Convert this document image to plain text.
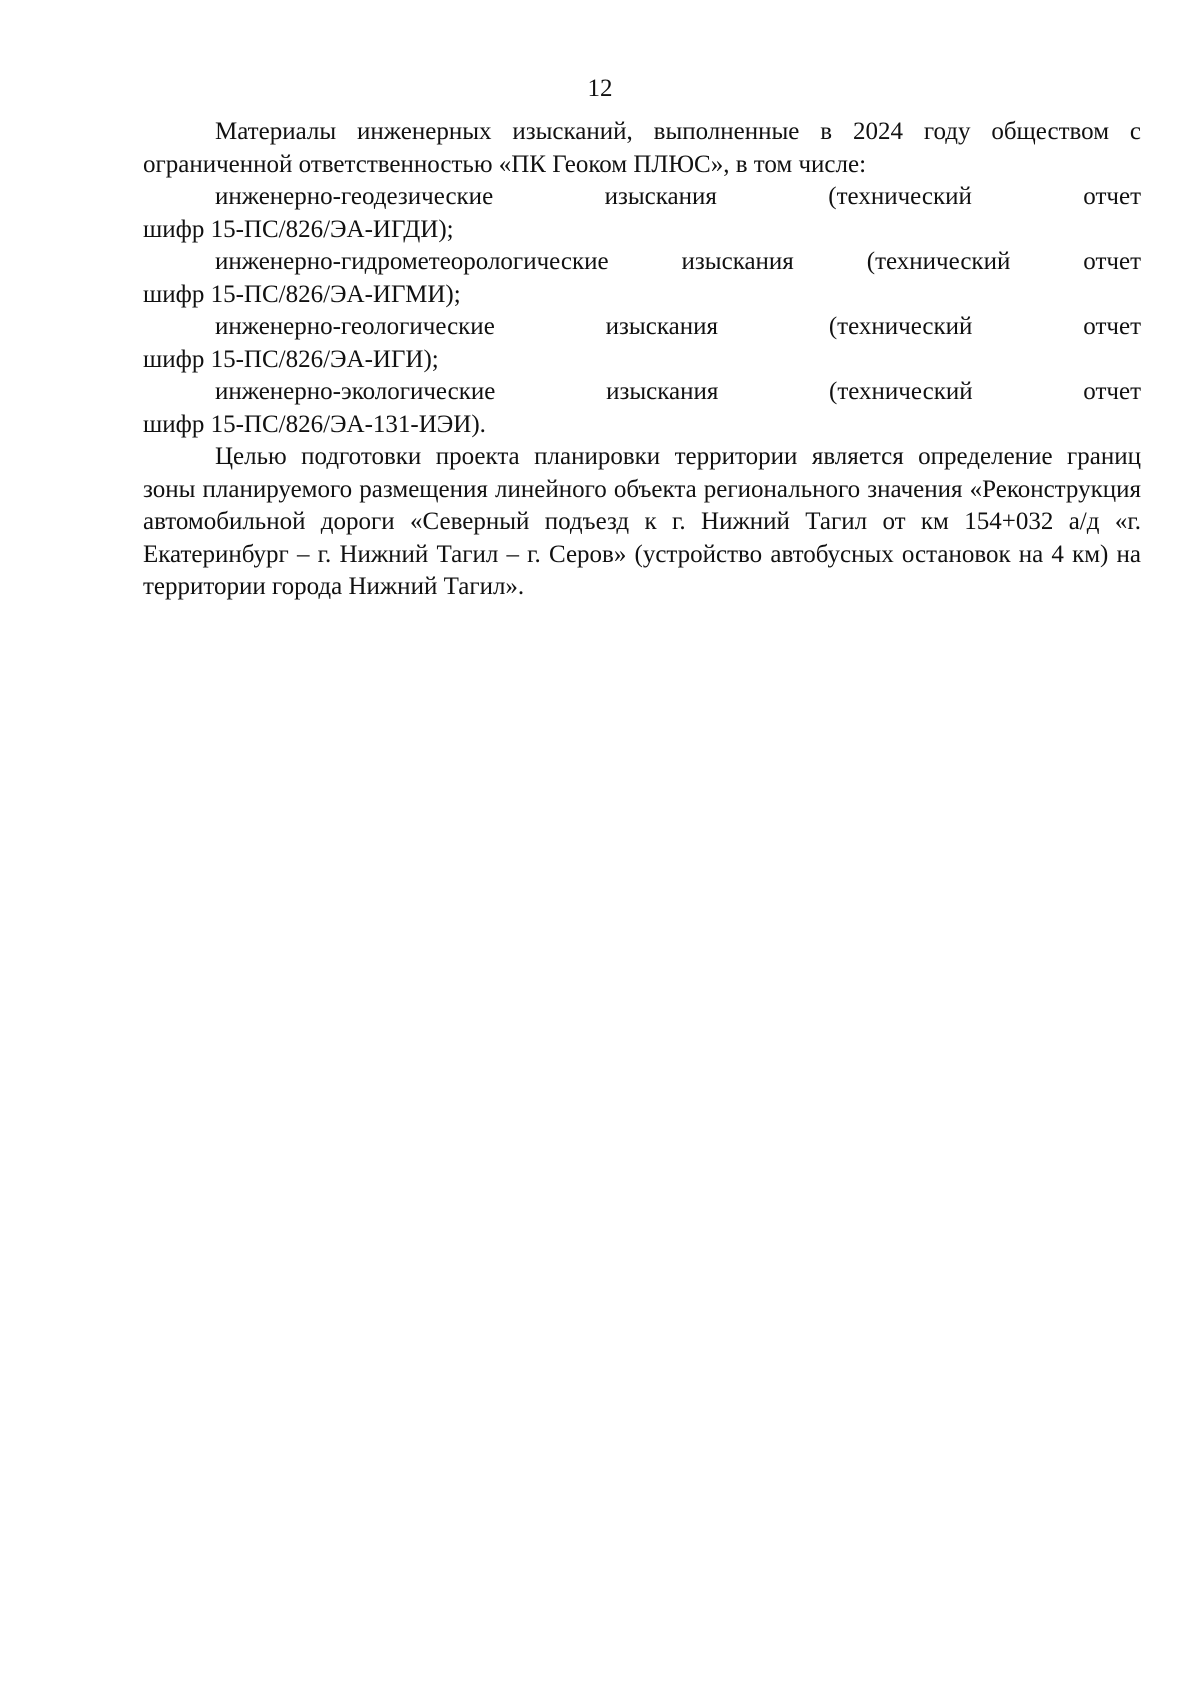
12

Материалы инженерных изысканий, выполненные в 2024 году обществом с ограниченной ответственностью «ПК Геоком ПЛЮС», в том числе:

инженерно-геодезические изыскания (технический отчет
шифр 15-ПС/826/ЭА-ИГДИ);
инженерно-гидрометеорологические изыскания (технический отчет
шифр 15-ПС/826/ЭА-ИГМИ);
инженерно-геологические изыскания (технический отчет
шифр 15-ПС/826/ЭА-ИГИ);
инженерно-экологические изыскания (технический отчет
шифр 15-ПС/826/ЭА-131-ИЭИ).

Целью подготовки проекта планировки территории является определение границ зоны планируемого размещения линейного объекта регионального значения «Реконструкция автомобильной дороги «Северный подъезд к г. Нижний Тагил от км 154+032 а/д «г. Екатеринбург – г. Нижний Тагил – г. Серов» (устройство автобусных остановок на 4 км) на территории города Нижний Тагил».
